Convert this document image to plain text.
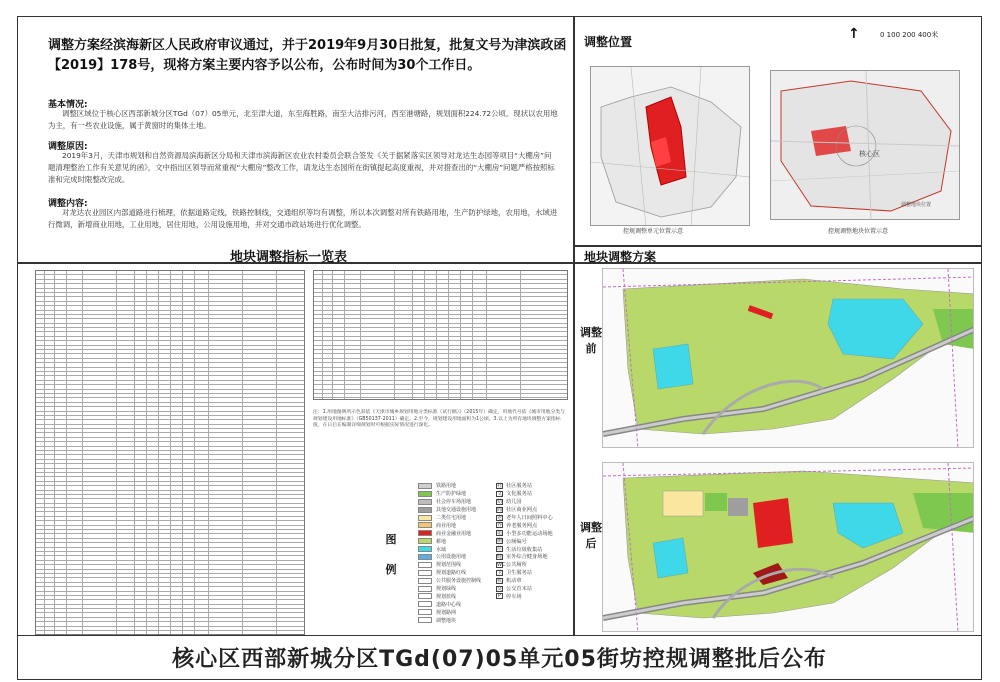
调整方案经滨海新区人民政府审议通过，并于2019年9月30日批复，批复文号为津滨政函【2019】178号，现将方案主要内容予以公布，公布时间为30个工作日。
基本情况:
调整区域位于核心区西部新城分区TGd（07）05单元，北至津大道，东至海胜路，南至大沽排污河，西至港塘路，规划面积224.72公顷。现状以农用地为主，有一些农业设施，属于黄窗时的集体土地。
调整原因:
2019年3月，天津市规划和自然资源局滨海新区分局和天津市滨海新区农业农村委员会联合签发《关于据紧落实区领导对龙达生态园等项目“大棚房”问题清理整治工作有关意见的函》，文中指出区领导而常重视“大棚房”整改工作，请龙达生态园所在街镇提起高度重视，并对措查出的“大棚房”问题严格按照标准和完成时限整改完成。
调整内容:
对龙达农业园区内部道路进行梳理，依据道路定线，铁路控制线，交通组织等均有调整，所以本次调整对所有铁路用地，生产防护绿地，农用地，水域进行微调，新增商业用地，工业用地，居住用地，公用设施用地，并对交通市政站场进行优化调整。
地块调整指标一览表
注：1.用地图例所示色彩依《天津市城乡规划用地分类标准（试行稿）》（2015年）确定，用地代号依《城市用地分类与规划建设用地标准》（GB50137-2011）确定。2.至今，规划建设用地面积为1公顷。3.以上为所有地块调整方案指标值，在日后在编制详细规划时可根据实际情况进行深化。
调整位置	↑	0 100 200 400米
控规调整单元位置示意
核心区
调整地块位置
控规调整地块位置示意
地块调整方案
调整前
调整后
图例
铁路用地
生产防护绿地
社会停车场用地
其他交通设施用地
二类住宅用地
商业用地
商业金融业用地
耕地
水域
公用设施用地
规划范围线
规划道路红线
公共服务设施控制线
规划绿线
规划蓝线
道路中心线
规划路网
调整地块
社 社区服务站
文 文化服务站
幼 幼儿园
商 社区商业网点
老 老年人日间照料中心
养 养老服务网点
运 小型多功能运动场地
厕 公厕编号
垃 生活垃圾收集站
健 室外综合健身场地
WC 公共厕所
卫 卫生服务站
机 机动車
交 公交首末站
P 停车场
核心区西部新城分区TGd(07)05单元05街坊控规调整批后公布
